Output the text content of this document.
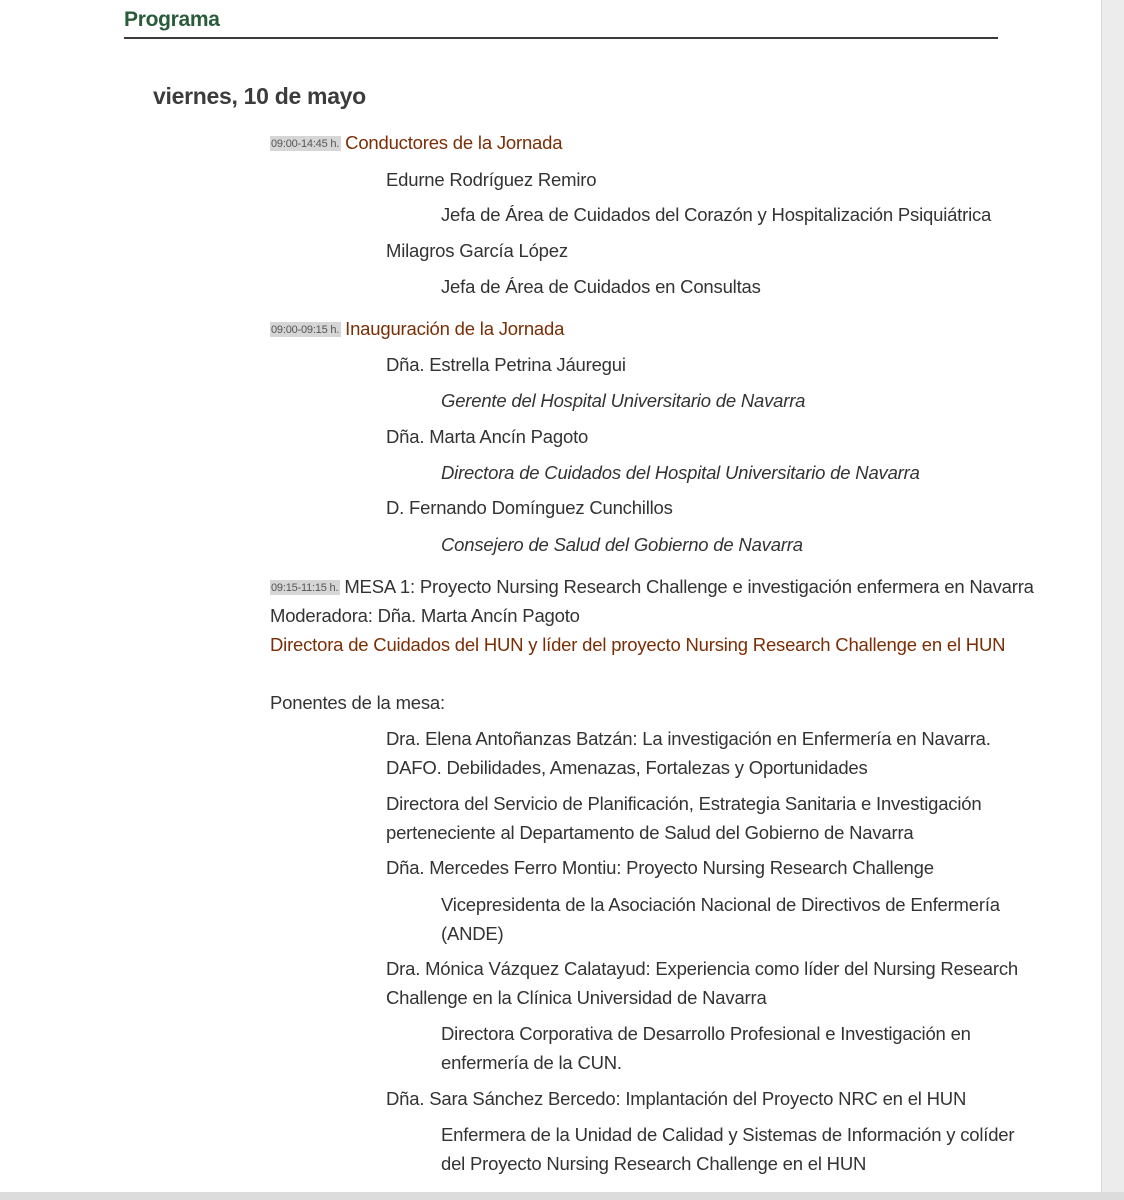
Programa
viernes, 10 de mayo
09:00-14:45 h. Conductores de la Jornada
Edurne Rodríguez Remiro
Jefa de Área de Cuidados del Corazón y Hospitalización Psiquiátrica
Milagros García López
Jefa de Área de Cuidados en Consultas
09:00-09:15 h. Inauguración de la Jornada
Dña. Estrella Petrina Jáuregui
Gerente del Hospital Universitario de Navarra
Dña. Marta Ancín Pagoto
Directora de Cuidados del Hospital Universitario de Navarra
D. Fernando Domínguez Cunchillos
Consejero de Salud del Gobierno de Navarra
09:15-11:15 h. MESA 1: Proyecto Nursing Research Challenge e investigación enfermera en Navarra
Moderadora: Dña. Marta Ancín Pagoto
Directora de Cuidados del HUN y líder del proyecto Nursing Research Challenge en el HUN
Ponentes de la mesa:
Dra. Elena Antoñanzas Batzán: La investigación en Enfermería en Navarra.
DAFO. Debilidades, Amenazas, Fortalezas y Oportunidades
Directora del Servicio de Planificación, Estrategia Sanitaria e Investigación
perteneciente al Departamento de Salud del Gobierno de Navarra
Dña. Mercedes Ferro Montiu: Proyecto Nursing Research Challenge
Vicepresidenta de la Asociación Nacional de Directivos de Enfermería
(ANDE)
Dra. Mónica Vázquez Calatayud: Experiencia como líder del Nursing Research
Challenge en la Clínica Universidad de Navarra
Directora Corporativa de Desarrollo Profesional e Investigación en
enfermería de la CUN.
Dña. Sara Sánchez Bercedo: Implantación del Proyecto NRC en el HUN
Enfermera de la Unidad de Calidad y Sistemas de Información y colíder
del Proyecto Nursing Research Challenge en el HUN
